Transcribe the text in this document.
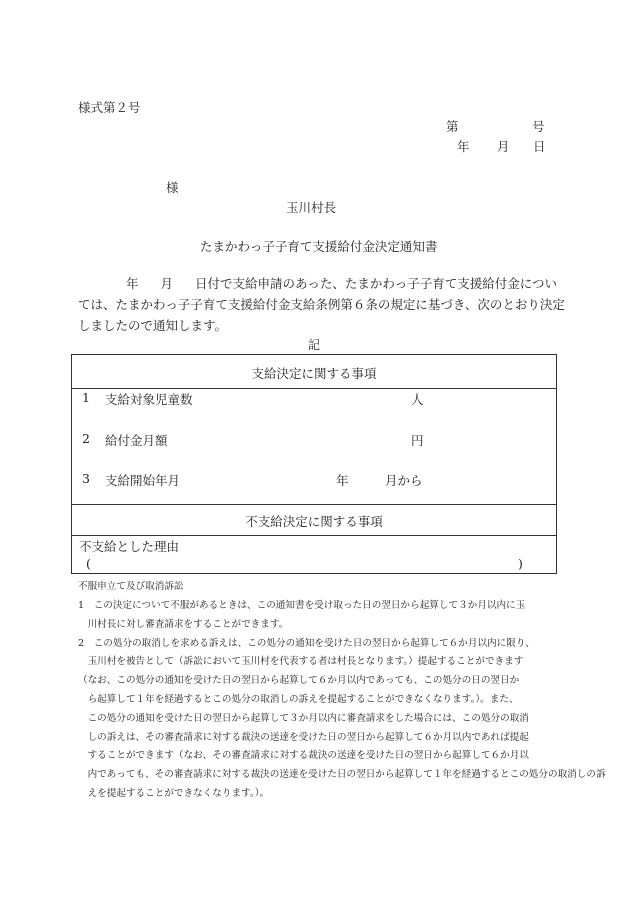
様式第２号
第	号
年 月 日
様
玉川村長
たまかわっ子子育て支援給付金決定通知書
年 月 日付で支給申請のあった、たまかわっ子子育て支援給付金につい
ては、たまかわっ子子育て支援給付金支給条例第６条の規定に基づき、次のとおり決定
しましたので通知します。
記
支給決定に関する事項
1 支給対象児童数	人
2 給付金月額	円
3 支給開始年月	年	月から
不支給決定に関する事項
不支給とした理由
(	)
不服申立て及び取消訴訟
1　この決定について不服があるときは、この通知書を受け取った日の翌日から起算して３か月以内に玉
　川村長に対し審査請求をすることができます。
2　この処分の取消しを求める訴えは、この処分の通知を受けた日の翌日から起算して６か月以内に限り、
　玉川村を被告として（訴訟において玉川村を代表する者は村長となります。）提起することができます
（なお、この処分の通知を受けた日の翌日から起算して６か月以内であっても、この処分の日の翌日か
　ら起算して１年を経過するとこの処分の取消しの訴えを提起することができなくなります。）。また、
　この処分の通知を受けた日の翌日から起算して３か月以内に審査請求をした場合には、この処分の取消
　しの訴えは、その審査請求に対する裁決の送達を受けた日の翌日から起算して６か月以内であれば提起
　することができます（なお、その審査請求に対する裁決の送達を受けた日の翌日から起算して６か月以
　内であっても、その審査請求に対する裁決の送達を受けた日の翌日から起算して１年を経過するとこの処分の取消しの訴
　えを提起することができなくなります。）。
